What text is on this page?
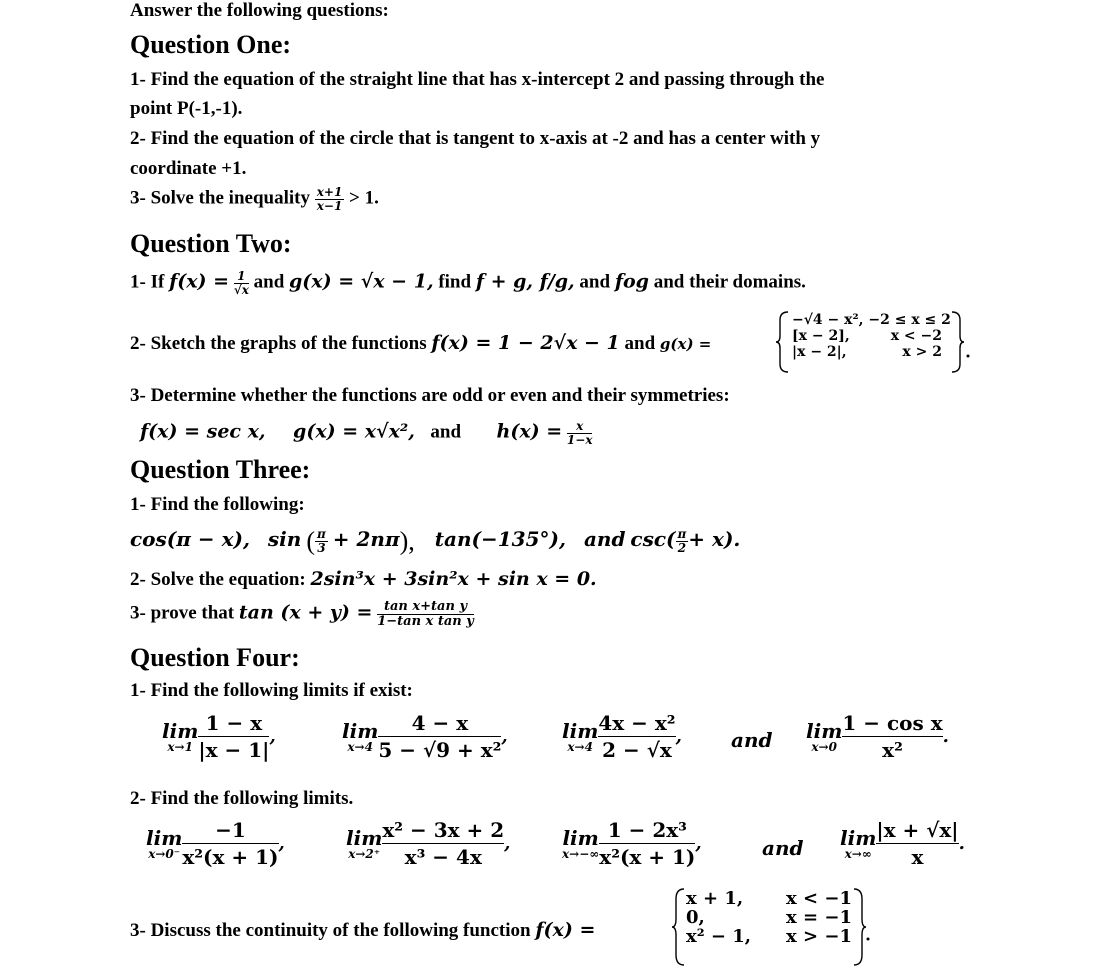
Answer the following questions:
Question One:
1- Find the equation of the straight line that has x-intercept 2 and passing through the
point P(-1,-1).
2- Find the equation of the circle that is tangent to x-axis at -2 and has a center with y
coordinate +1.
3- Solve the inequality $\frac{x+1}{x-1} > 1$.
Question Two:
1- If $f(x) = \frac{1}{√x}$ and g(x) = √x − 1, find f + g, f/g, and fog and their domains.
2- Sketch the graphs of the functions f(x) = 1 − 2√x − 1 and g(x) =
−√4 − x², −2 ≤ x ≤ 2
[x − 2],	x < −2
|x − 2|,	x > 2
3- Determine whether the functions are odd or even and their symmetries:
f(x) = sec x, g(x) = x√x², and $h(x) = \frac{x}{1-x}$
Question Three:
1- Find the following:
cos(π − x), sin ( $\frac{\pi}{3} + 2n\pi$), tan(−135°), and $\csc( \frac{\pi}{2} + x)$.
2- Solve the equation: 2sin³x + 3sin²x + sin x = 0.
3- prove that $\tan (x + y) = \frac{\text{tan x+tan y}}{\text{1−tan x tan y}}$
Question Four:
1- Find the following limits if exist:
lim
$x\to 1 \frac{1 - x}{|x - 1|}$ ,	lim
$x\to 4 \frac{4 - x}{\text{5 − √9 + x²}}$ ,	lim
$x\to 4 \frac{\text{4x − x²}}{2 - √x}$ , and lim
$x\to 0 \frac{\text{1 − cos x}}{\text{x²}}$ .
2- Find the following limits.
lim
$x\to 0^- \frac{-1}{\text{x²(x + 1)}}$ ,	lim
$x\to 2^+ \frac{\text{x² − 3x + 2}}{\text{x³ − 4x}}$ ,	lim
$x\to-\infty \frac{\text{1 − 2x³}}{\text{x²(x + 1)}}$ ,	and lim
$x\to\infty \frac{|x + √x|}{x}$ .
3- Discuss the continuity of the following function f(x) =
x + 1, x < −1
0,	x = −1
x² − 1, x > −1
